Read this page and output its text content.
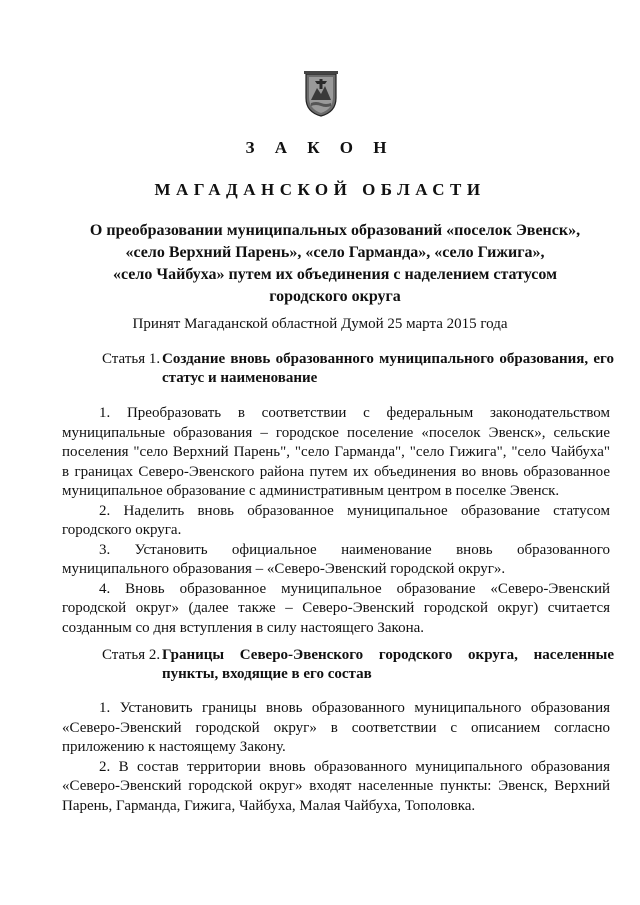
З А К О Н
МАГАДАНСКОЙ ОБЛАСТИ
О преобразовании муниципальных образований «поселок Эвенск»,
«село Верхний Парень», «село Гарманда», «село Гижига»,
«село Чайбуха» путем их объединения с наделением статусом
городского округа
Принят Магаданской областной Думой 25 марта 2015 года
Статья 1. Создание вновь образованного муниципального образования, его статус и наименование

1. Преобразовать в соответствии с федеральным законодательством муниципальные образования – городское поселение «поселок Эвенск», сельские поселения "село Верхний Парень", "село Гарманда", "село Гижига", "село Чайбуха" в границах Северо-Эвенского района путем их объединения во вновь образованное муниципальное образование с административным центром в поселке Эвенск.

2. Наделить вновь образованное муниципальное образование статусом городского округа.

3. Установить официальное наименование вновь образованного муниципального образования – «Северо-Эвенский городской округ».

4. Вновь образованное муниципальное образование «Северо-Эвенский городской округ» (далее также – Северо-Эвенский городской округ) считается созданным со дня вступления в силу настоящего Закона.

Статья 2. Границы Северо-Эвенского городского округа, населенные пункты, входящие в его состав

1. Установить границы вновь образованного муниципального образования «Северо-Эвенский городской округ» в соответствии с описанием согласно приложению к настоящему Закону.

2. В состав территории вновь образованного муниципального образования «Северо-Эвенский городской округ» входят населенные пункты: Эвенск, Верхний Парень, Гарманда, Гижига, Чайбуха, Малая Чайбуха, Тополовка.
